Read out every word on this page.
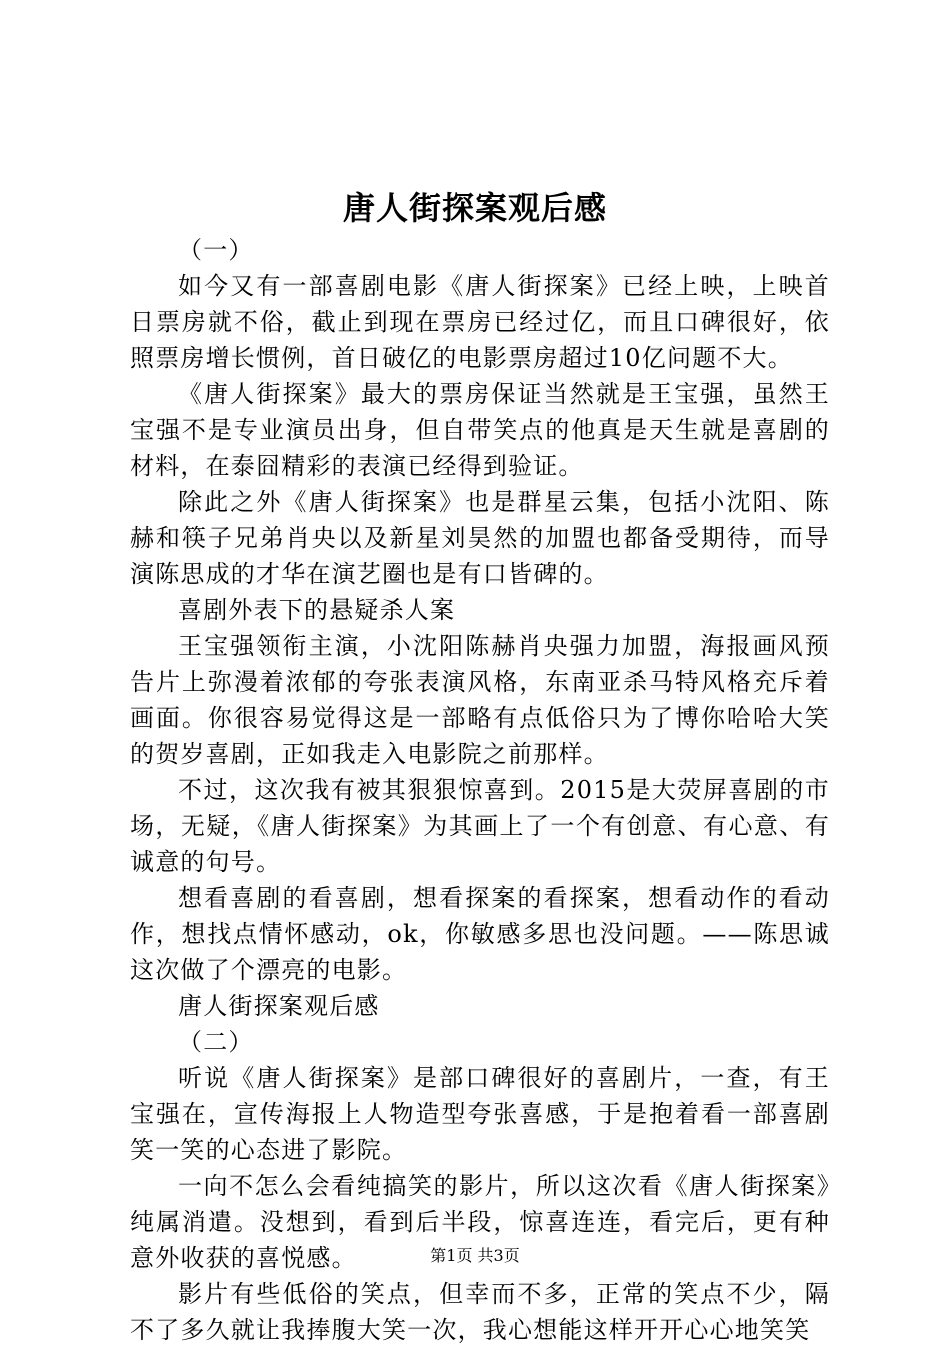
唐人街探案观后感

（一）

如今又有一部喜剧电影《唐人街探案》已经上映，上映首日票房就不俗，截止到现在票房已经过亿，而且口碑很好，依照票房增长惯例，首日破亿的电影票房超过10亿问题不大。

《唐人街探案》最大的票房保证当然就是王宝强，虽然王宝强不是专业演员出身，但自带笑点的他真是天生就是喜剧的材料，在泰囧精彩的表演已经得到验证。

除此之外《唐人街探案》也是群星云集，包括小沈阳、陈赫和筷子兄弟肖央以及新星刘昊然的加盟也都备受期待，而导演陈思成的才华在演艺圈也是有口皆碑的。

喜剧外表下的悬疑杀人案

王宝强领衔主演，小沈阳陈赫肖央强力加盟，海报画风预告片上弥漫着浓郁的夸张表演风格，东南亚杀马特风格充斥着画面。你很容易觉得这是一部略有点低俗只为了博你哈哈大笑的贺岁喜剧，正如我走入电影院之前那样。

不过，这次我有被其狠狠惊喜到。2015是大荧屏喜剧的市场，无疑，《唐人街探案》为其画上了一个有创意、有心意、有诚意的句号。

想看喜剧的看喜剧，想看探案的看探案，想看动作的看动作，想找点情怀感动，ok，你敏感多思也没问题。——陈思诚这次做了个漂亮的电影。

唐人街探案观后感

（二）

听说《唐人街探案》是部口碑很好的喜剧片，一查，有王宝强在，宣传海报上人物造型夸张喜感，于是抱着看一部喜剧笑一笑的心态进了影院。

一向不怎么会看纯搞笑的影片，所以这次看《唐人街探案》纯属消遣。没想到，看到后半段，惊喜连连，看完后，更有种意外收获的喜悦感。

影片有些低俗的笑点，但幸而不多，正常的笑点不少，隔不了多久就让我捧腹大笑一次，我心想能这样开开心心地笑笑

第1页 共3页
